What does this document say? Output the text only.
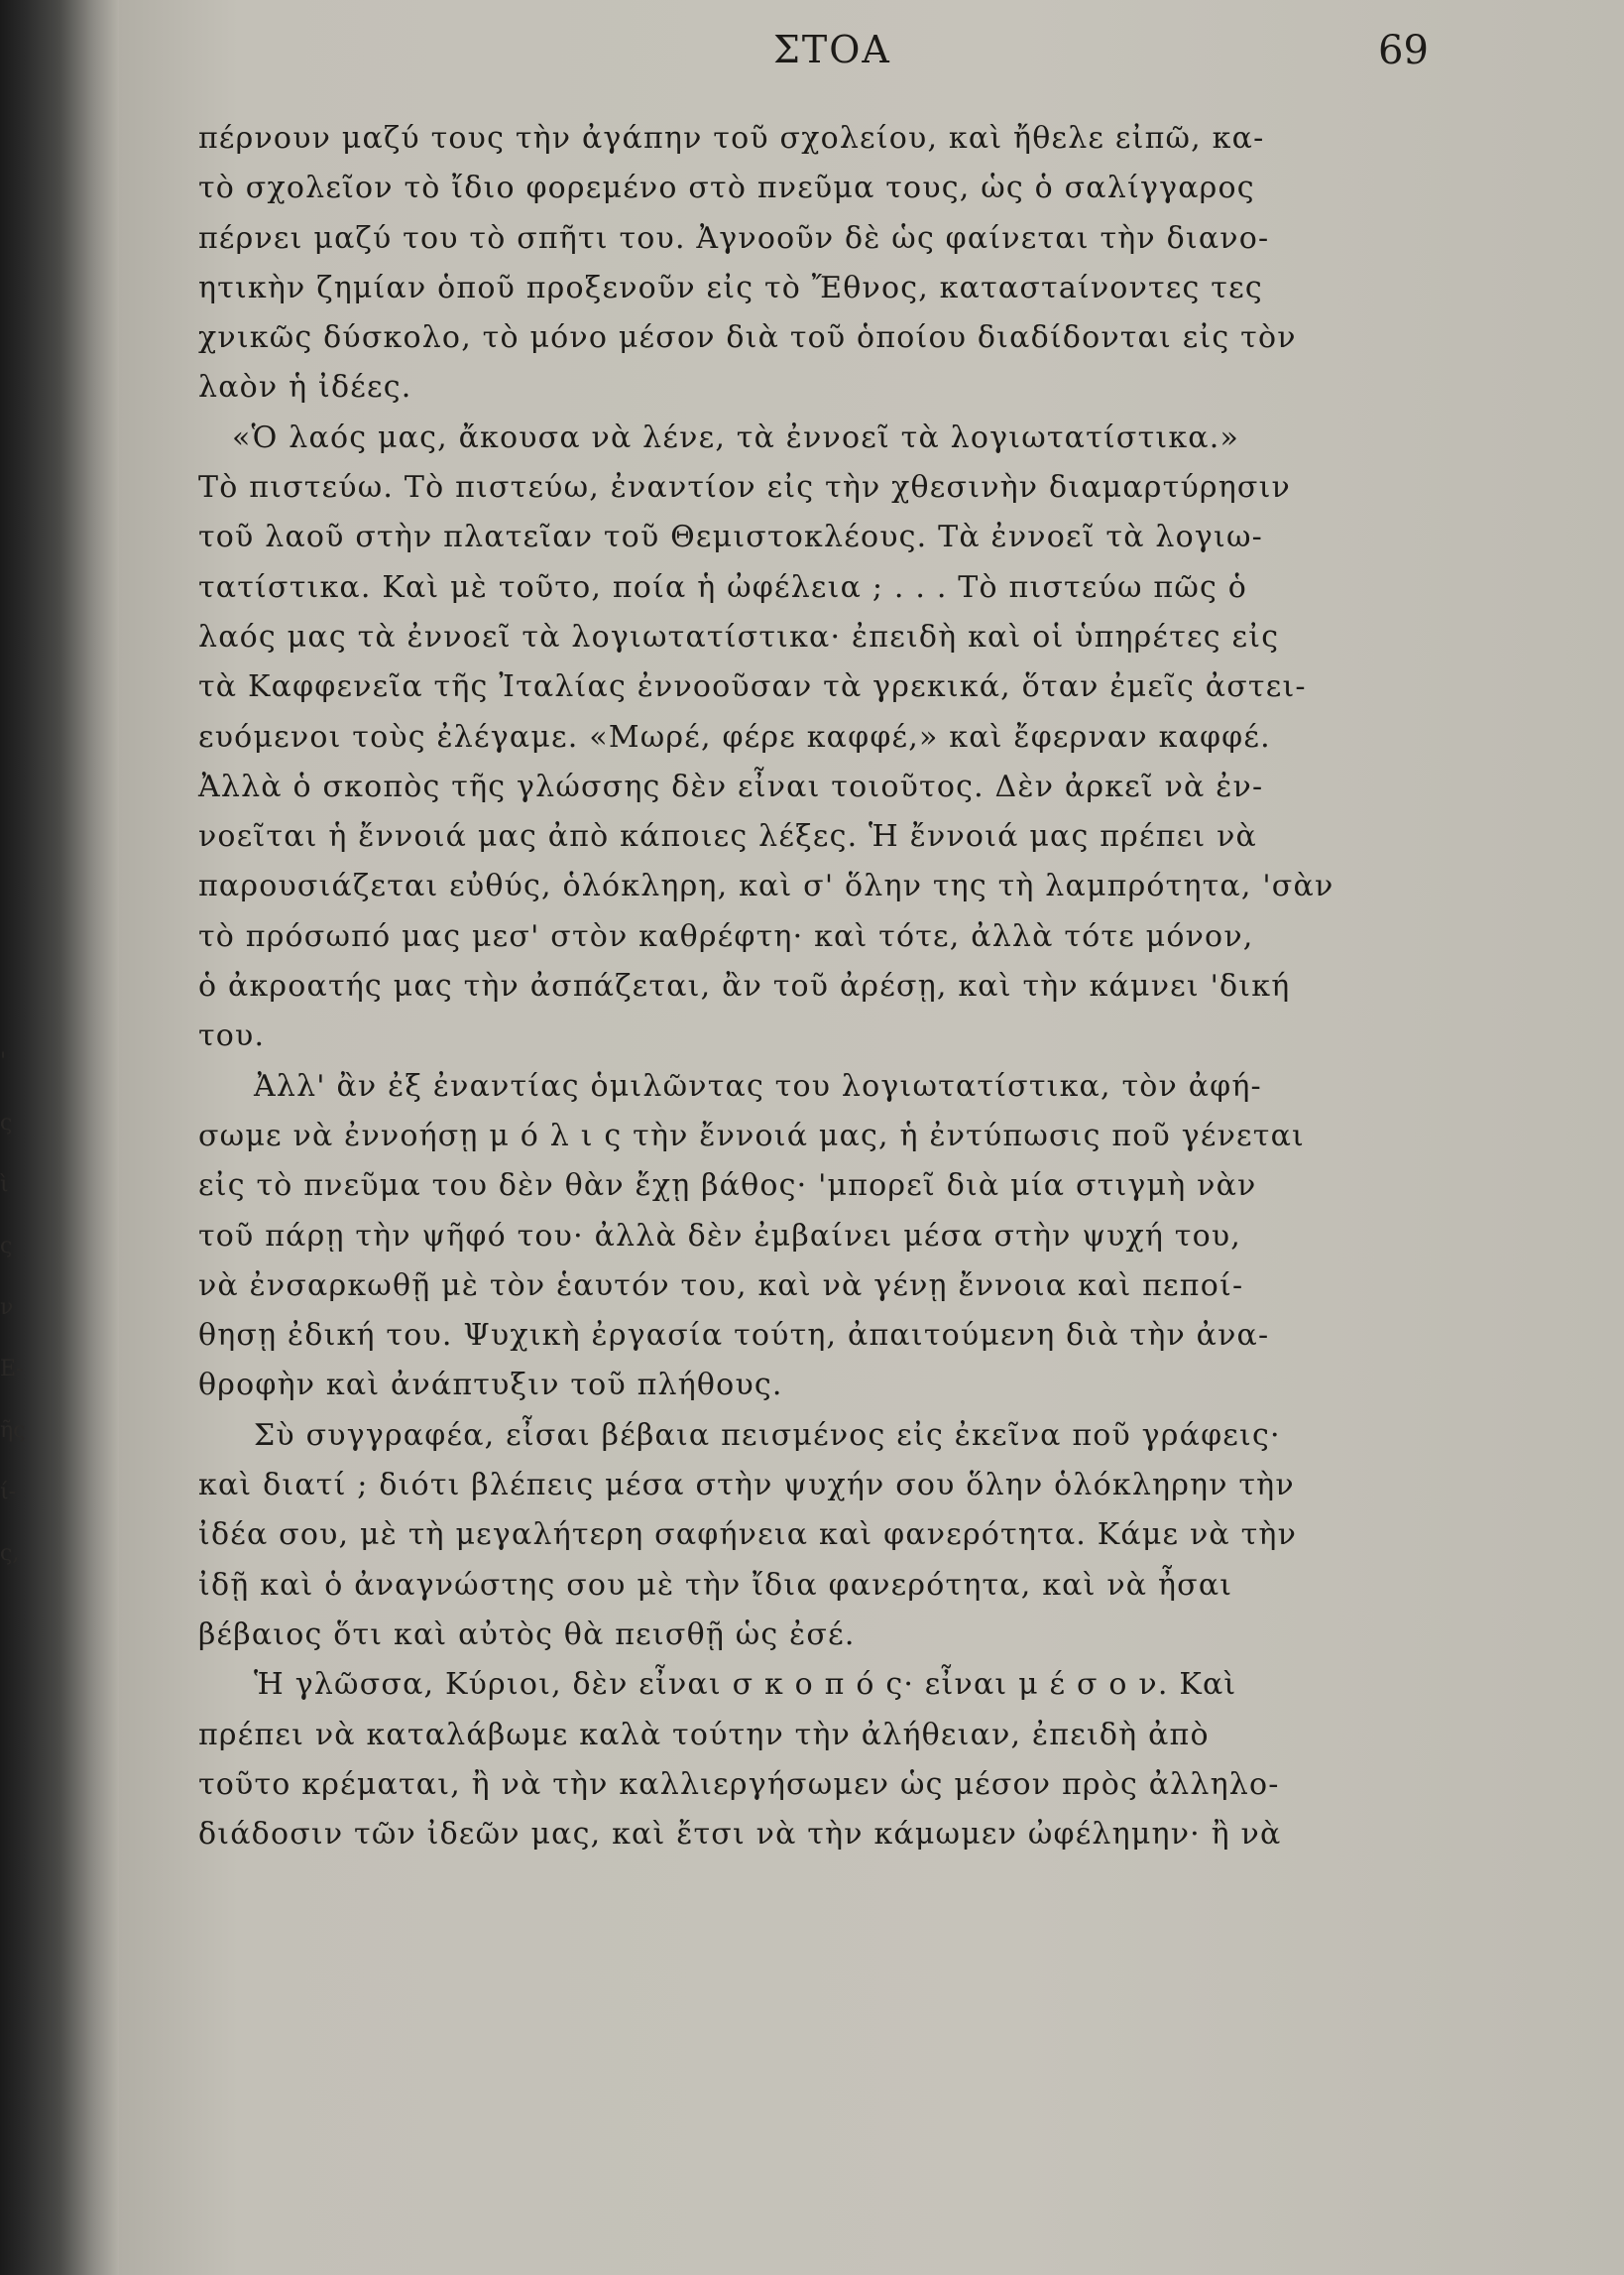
'
ς
ὶ
ς
ν
Ε-
ῆς
ί-
ς,
ΣΤΟΑ	69
πέρνουν μαζύ τους τὴν ἀγάπην τοῦ σχολείου, καὶ ἤθελε εἰπῶ, κα-
τὸ σχολεῖον τὸ ἴδιο φορεμένο στὸ πνεῦμα τους, ὡς ὁ σαλίγγαρος
πέρνει μαζύ του τὸ σπῆτι του. Ἀγνοοῦν δὲ ὡς φαίνεται τὴν διανο-
ητικὴν ζημίαν ὁποῦ προξενοῦν εἰς τὸ Ἔθνος, καταστaίνοντες τες
χνικῶς δύσκολο, τὸ μόνο μέσον διὰ τοῦ ὁποίου διαδίδονται εἰς τὸν
λαὸν ἡ ἰδέες.
«Ὁ λαός μας, ἄκουσα νὰ λένε, τὰ ἐννοεῖ τὰ λογιωτατίστικα.»
Τὸ πιστεύω. Τὸ πιστεύω, ἐναντίον εἰς τὴν χθεσινὴν διαμαρτύρησιν
τοῦ λαοῦ στὴν πλατεῖαν τοῦ Θεμιστοκλέους. Τὰ ἐννοεῖ τὰ λογιω-
τατίστικα. Καὶ μὲ τοῦτο, ποία ἡ ὠφέλεια ; . . . Τὸ πιστεύω πῶς ὁ
λαός μας τὰ ἐννοεῖ τὰ λογιωτατίστικα· ἐπειδὴ καὶ οἱ ὑπηρέτες εἰς
τὰ Καφφενεῖα τῆς Ἰταλίας ἐννοοῦσαν τὰ γρεκικά, ὅταν ἐμεῖς ἀστει-
ευόμενοι τοὺς ἐλέγαμε. «Μωρέ, φέρε καφφέ,» καὶ ἔφερναν καφφέ.
Ἀλλὰ ὁ σκοπὸς τῆς γλώσσης δὲν εἶναι τοιοῦτος. Δὲν ἀρκεῖ νὰ ἐν-
νοεῖται ἡ ἔννοιά μας ἀπὸ κάποιες λέξες. Ἡ ἔννοιά μας πρέπει νὰ
παρουσιάζεται εὐθύς, ὁλόκληρη, καὶ σ' ὅλην της τὴ λαμπρότητα, 'σὰν
τὸ πρόσωπό μας μεσ' στὸν καθρέφτη· καὶ τότε, ἀλλὰ τότε μόνον,
ὁ ἀκροατής μας τὴν ἀσπάζεται, ἂν τοῦ ἀρέσῃ, καὶ τὴν κάμνει 'δική
του.
Ἀλλ' ἂν ἐξ ἐναντίας ὁμιλῶντας του λογιωτατίστικα, τὸν ἀφή-
σωμε νὰ ἐννοήσῃ μ ό λ ι ς τὴν ἔννοιά μας, ἡ ἐντύπωσις ποῦ γένεται
εἰς τὸ πνεῦμα του δὲν θὰν ἔχῃ βάθος· 'μπορεῖ διὰ μία στιγμὴ νὰν
τοῦ πάρῃ τὴν ψῆφό του· ἀλλὰ δὲν ἐμβαίνει μέσα στὴν ψυχή του,
νὰ ἐνσαρκωθῇ μὲ τὸν ἑαυτόν του, καὶ νὰ γένῃ ἔννοια καὶ πεποί-
θησῃ ἐδική του. Ψυχικὴ ἐργασία τούτη, ἀπαιτούμενη διὰ τὴν ἀνα-
θροφὴν καὶ ἀνάπτυξιν τοῦ πλήθους.
Σὺ συγγραφέα, εἶσαι βέβαια πεισμένος εἰς ἐκεῖνα ποῦ γράφεις·
καὶ διατί ; διότι βλέπεις μέσα στὴν ψυχήν σου ὅλην ὁλόκληρην τὴν
ἰδέα σου, μὲ τὴ μεγαλήτερη σαφήνεια καὶ φανερότητα. Κάμε νὰ τὴν
ἰδῇ καὶ ὁ ἀναγνώστης σου μὲ τὴν ἴδια φανερότητα, καὶ νὰ ἦσαι
βέβαιος ὅτι καὶ αὐτὸς θὰ πεισθῇ ὡς ἐσέ.
Ἡ γλῶσσα, Κύριοι, δὲν εἶναι σ κ ο π ό ς· εἶναι μ έ σ ο ν. Καὶ
πρέπει νὰ καταλάβωμε καλὰ τούτην τὴν ἀλήθειαν, ἐπειδὴ ἀπὸ
τοῦτο κρέμαται, ἢ νὰ τὴν καλλιεργήσωμεν ὡς μέσον πρὸς ἀλληλο-
διάδοσιν τῶν ἰδεῶν μας, καὶ ἔτσι νὰ τὴν κάμωμεν ὠφέλημην· ἢ νὰ
